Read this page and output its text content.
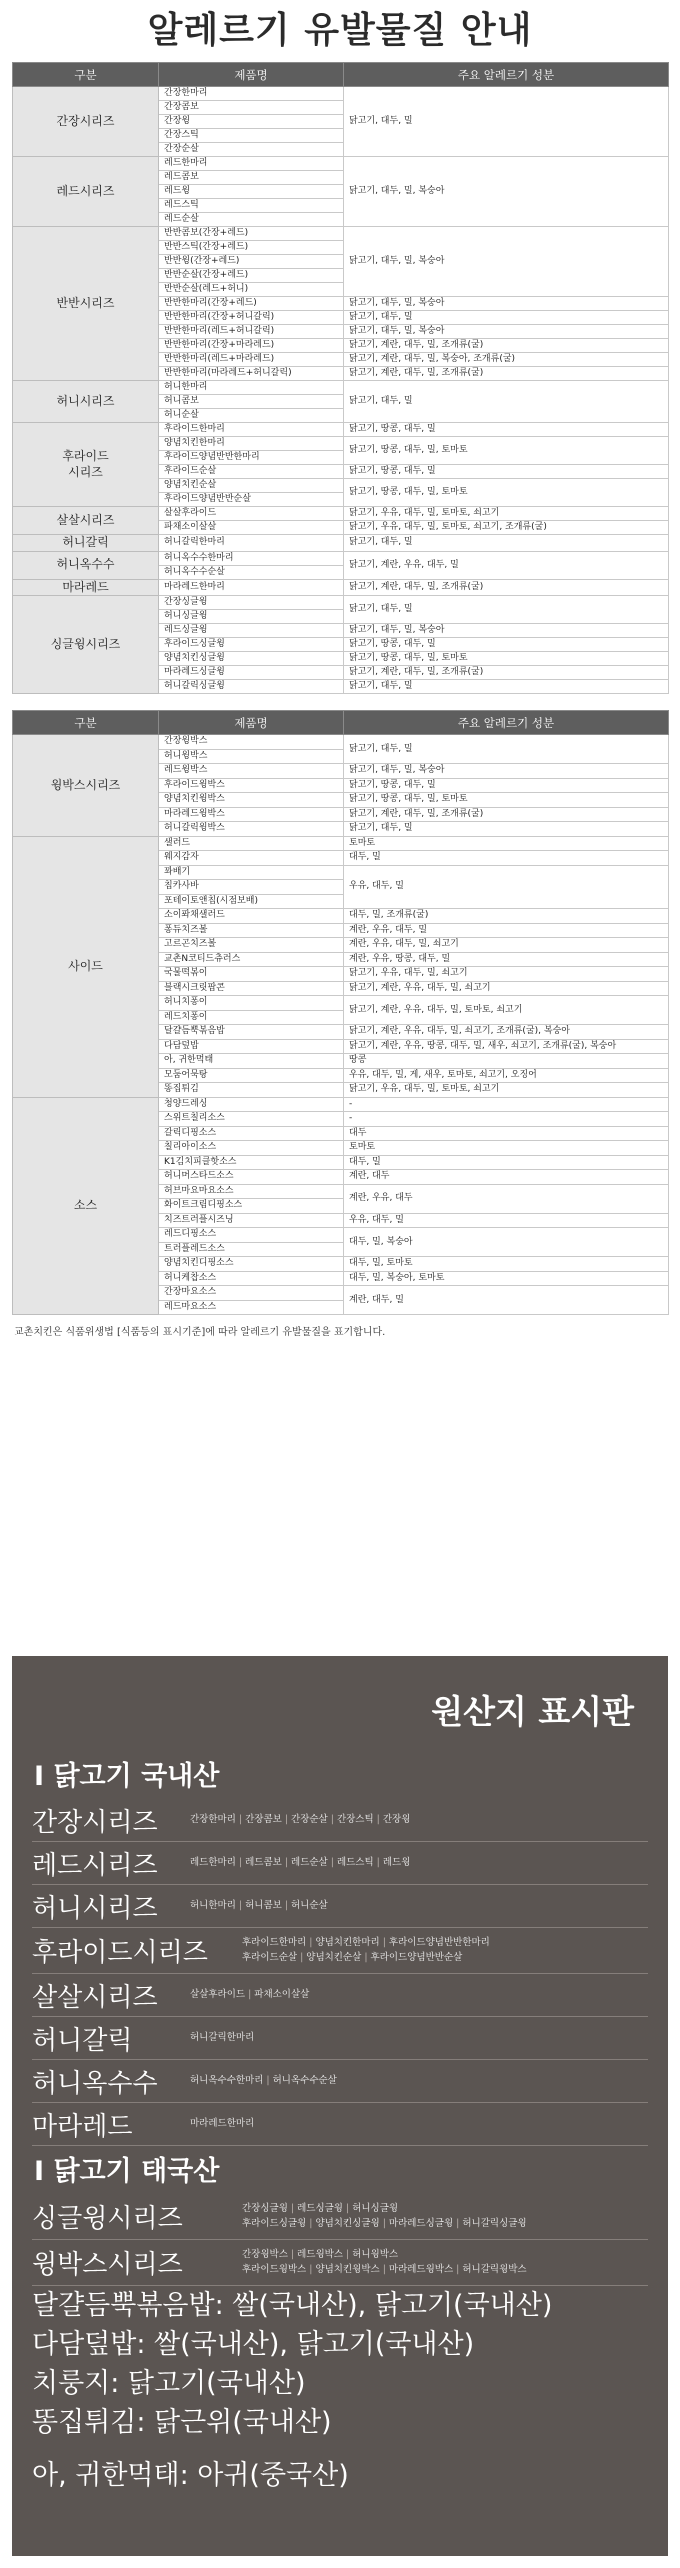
알레르기 유발물질 안내
구분	제품명	주요 알레르기 성분
간장시리즈	간장한마리	닭고기, 대두, 밀
	간장콤보	
	간장윙	
	간장스틱	
	간장순살	
레드시리즈	레드한마리	닭고기, 대두, 밀, 복숭아
	레드콤보	
	레드윙	
	레드스틱	
	레드순살	
반반시리즈	반반콤보(간장+레드)	닭고기, 대두, 밀, 복숭아
	반반스틱(간장+레드)	
	반반윙(간장+레드)	
	반반순살(간장+레드)	
	반반순살(레드+허니)	
	반반한마리(간장+레드)	닭고기, 대두, 밀, 복숭아
	반반한마리(간장+허니갈릭)	닭고기, 대두, 밀
	반반한마리(레드+허니갈릭)	닭고기, 대두, 밀, 복숭아
	반반한마리(간장+마라레드)	닭고기, 계란, 대두, 밀, 조개류(굴)
	반반한마리(레드+마라레드)	닭고기, 계란, 대두, 밀, 복숭아, 조개류(굴)
	반반한마리(마라레드+허니갈릭)	닭고기, 계란, 대두, 밀, 조개류(굴)
허니시리즈	허니한마리	닭고기, 대두, 밀
	허니콤보	
	허니순살	
후라이드
시리즈	후라이드한마리	닭고기, 땅콩, 대두, 밀
	양념치킨한마리	닭고기, 땅콩, 대두, 밀, 토마토
	후라이드양념반반한마리	
	후라이드순살	닭고기, 땅콩, 대두, 밀
	양념치킨순살	닭고기, 땅콩, 대두, 밀, 토마토
	후라이드양념반반순살	
살살시리즈	살살후라이드	닭고기, 우유, 대두, 밀, 토마토, 쇠고기
	파채소이살살	닭고기, 우유, 대두, 밀, 토마토, 쇠고기, 조개류(굴)
허니갈릭	허니갈릭한마리	닭고기, 대두, 밀
허니옥수수	허니옥수수한마리	닭고기, 계란, 우유, 대두, 밀
	허니옥수수순살	
마라레드	마라레드한마리	닭고기, 계란, 대두, 밀, 조개류(굴)
싱글윙시리즈	간장싱글윙	닭고기, 대두, 밀
	허니싱글윙	
	레드싱글윙	닭고기, 대두, 밀, 복숭아
	후라이드싱글윙	닭고기, 땅콩, 대두, 밀
	양념치킨싱글윙	닭고기, 땅콩, 대두, 밀, 토마토
	마라레드싱글윙	닭고기, 계란, 대두, 밀, 조개류(굴)
	허니갈릭싱글윙	닭고기, 대두, 밀
구분	제품명	주요 알레르기 성분
윙박스시리즈	간장윙박스	닭고기, 대두, 밀
	허니윙박스	
	레드윙박스	닭고기, 대두, 밀, 복숭아
	후라이드윙박스	닭고기, 땅콩, 대두, 밀
	양념치킨윙박스	닭고기, 땅콩, 대두, 밀, 토마토
	마라레드윙박스	닭고기, 계란, 대두, 밀, 조개류(굴)
	허니갈릭윙박스	닭고기, 대두, 밀
사이드	샐러드	토마토
	웨지감자	대두, 밀
	꽈배기	우유, 대두, 밀
	칩카사바	
	포테이토앤칩(시점보배)	
	소이퐈채샐러드	대두, 밀, 조개류(굴)
	퐁듀치즈볼	계란, 우유, 대두, 밀
	고르곤치즈볼	계란, 우유, 대두, 밀, 쇠고기
	교촌N코티드츄러스	계란, 우유, 땅콩, 대두, 밀
	국물떡볶이	닭고기, 우유, 대두, 밀, 쇠고기
	블랙시크릿팝콘	닭고기, 계란, 우유, 대두, 밀, 쇠고기
	허니치퐁이	닭고기, 계란, 우유, 대두, 밀, 토마토, 쇠고기
	레드치퐁이	
	달걀듬뿍볶음밥	닭고기, 계란, 우유, 대두, 밀, 쇠고기, 조개류(굴), 복숭아
	다담덮밥	닭고기, 계란, 우유, 땅콩, 대두, 밀, 새우, 쇠고기, 조개류(굴), 복숭아
	아, 귀한먹태	땅콩
	모둠어묵탕	우유, 대두, 밀, 게, 새우, 토마토, 쇠고기, 오징어
	똥집튀김	닭고기, 우유, 대두, 밀, 토마토, 쇠고기
소스	청양드레싱	-
	스위트칠리소스	-
	갈릭디핑소스	대두
	칠리아이소스	토마토
	K1김치피클핫소스	대두, 밀
	허니머스타드소스	계란, 대두
	허브마요마요소스	계란, 우유, 대두
	화이트크림디핑소스	
	치즈트러플시즈닝	우유, 대두, 밀
	레드디핑소스	대두, 밀, 복숭아
	트러플레드소스	
	양념치킨디핑소스	대두, 밀, 토마토
	허니케찹소스	대두, 밀, 복숭아, 토마토
	간장마요소스	계란, 대두, 밀
	레드마요소스	

교촌치킨은 식품위생법 [식품등의 표시기준]에 따라 알레르기 유발물질을 표기합니다.

원산지 표시판
I 닭고기 국내산
간장시리즈	간장한마리 | 간장콤보 | 간장순살 | 간장스틱 | 간장윙
레드시리즈	레드한마리 | 레드콤보 | 레드순살 | 레드스틱 | 레드윙
허니시리즈	허니한마리 | 허니콤보 | 허니순살
후라이드시리즈	후라이드한마리 | 양념치킨한마리 | 후라이드양념반반한마리
후라이드순살 | 양념치킨순살 | 후라이드양념반반순살
살살시리즈	살살후라이드 | 파채소이살살
허니갈릭	허니갈릭한마리
허니옥수수	허니옥수수한마리 | 허니옥수수순살
마라레드	마라레드한마리
I 닭고기 태국산
싱글윙시리즈	간장싱글윙 | 레드싱글윙 | 허니싱글윙
후라이드싱글윙 | 양념치킨싱글윙 | 마라레드싱글윙 | 허니갈릭싱글윙
윙박스시리즈	간장윙박스 | 레드윙박스 | 허니윙박스
후라이드윙박스 | 양념치킨윙박스 | 마라레드윙박스 | 허니갈릭윙박스
달걀듬뿍볶음밥: 쌀(국내산), 닭고기(국내산)
다담덮밥: 쌀(국내산), 닭고기(국내산)
치룽지: 닭고기(국내산)
똥집튀김: 닭근위(국내산)
아, 귀한먹태: 아귀(중국산)
